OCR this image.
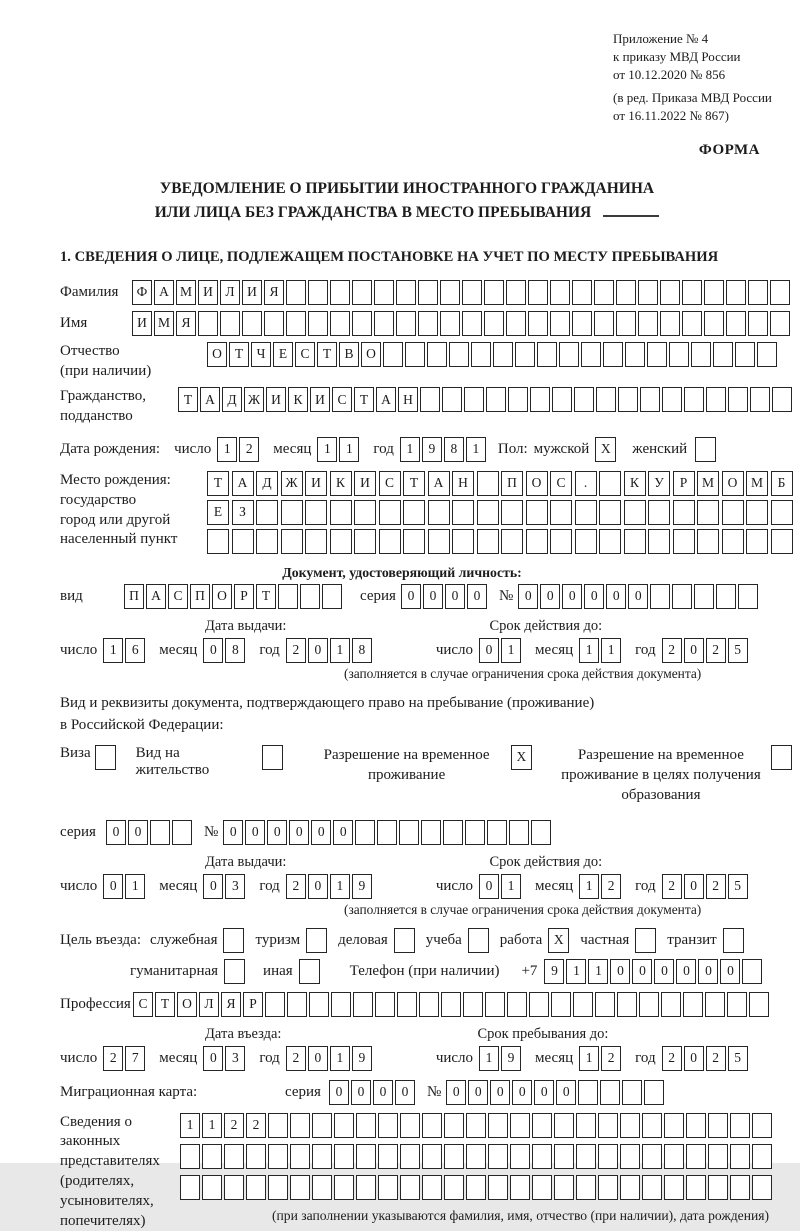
Приложение № 4
к приказу МВД России
от 10.12.2020 № 856
(в ред. Приказа МВД России
от 16.11.2022 № 867)
ФОРМА
УВЕДОМЛЕНИЕ О ПРИБЫТИИ ИНОСТРАННОГО ГРАЖДАНИНА
ИЛИ ЛИЦА БЕЗ ГРАЖДАНСТВА В МЕСТО ПРЕБЫВАНИЯ
1. СВЕДЕНИЯ О ЛИЦЕ, ПОДЛЕЖАЩЕМ ПОСТАНОВКЕ НА УЧЕТ ПО МЕСТУ ПРЕБЫВАНИЯ
Фамилия	Ф А М И Л И Я
Имя	И М Я
Отчество
(при наличии)
О Т Ч Е С Т В О
Гражданство,
подданство
Т А Д Ж И К И С Т А Н
Дата рождения: число 1	2	месяц 1	1	год 1	9	8	1	Пол: мужской X	женский
Место рождения:
государство
город или другой
населенный пункт
Т	А	Д	Ж	И	К	И	С	Т	А	Н	П	О	С	.	К	У	Р	М	О	М	Б
Е	З
Документ, удостоверяющий личность:
вид	П А С П О Р	Т	серия 0	0	0	0	№ 0	0	0	0	0	0
Дата выдачи:	Срок действия до:
число 1	6	месяц 0	8	год 2	0	1	8	число 0	1	месяц 1	1	год 2	0	2	5
(заполняется в случае ограничения срока действия документа)
Вид и реквизиты документа, подтверждающего право на пребывание (проживание)
в Российской Федерации:
Виза	Вид на жительство
Разрешение на временное проживание
X	Разрешение на временное проживание в целях получения образования
серия	0	0	№ 0	0	0	0	0	0
Дата выдачи:	Срок действия до:
число 0	1	месяц 0	3	год 2	0	1	9	число 0	1	месяц 1	2	год 2	0	2	5
(заполняется в случае ограничения срока действия документа)
Цель въезда: служебная	туризм	деловая	учеба	работа X	частная	транзит
гуманитарная	иная	Телефон (при наличии) +7	9	1	1	0	0	0	0	0	0
Профессия С Т О Л Я	Р
Дата въезда:	Срок пребывания до:
число 2	7	месяц 0	3	год 2	0	1	9	число 1	9	месяц 1	2	год 2	0	2	5
Миграционная карта:	серия	0	0	0	0	№ 0	0	0	0	0	0
Сведения о
законных
представителях
(родителях,
усыновителях,
попечителях)
1	1	2	2
(при заполнении указываются фамилия, имя, отчество (при наличии), дата рождения)
